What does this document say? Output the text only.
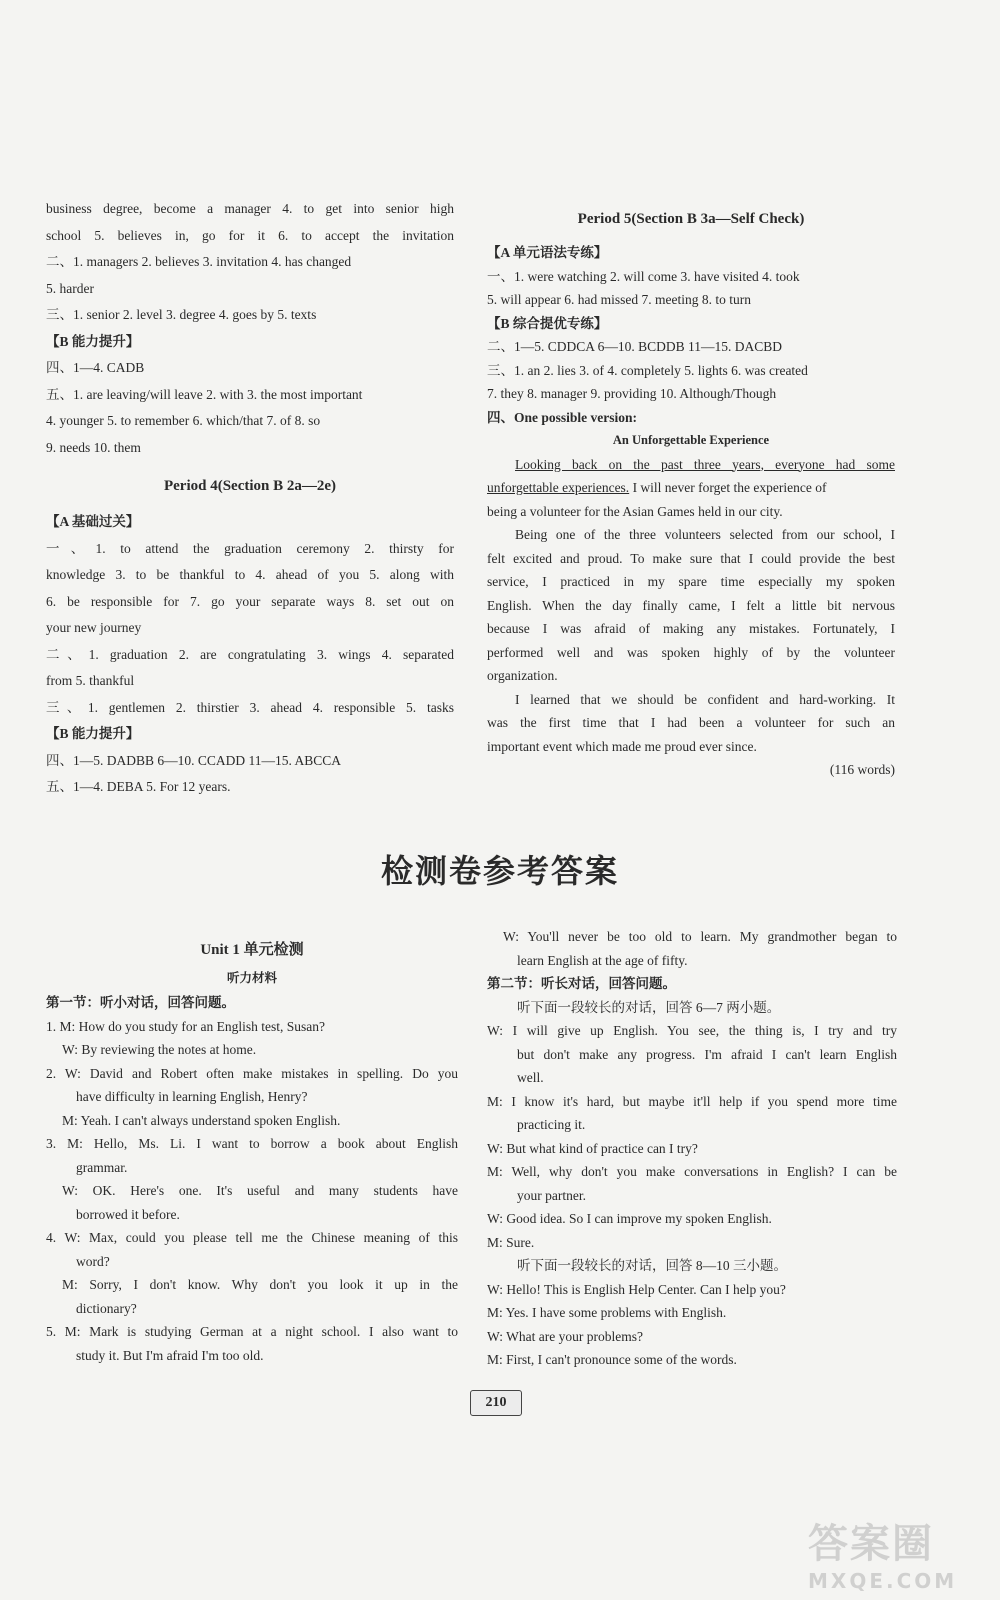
business degree, become a manager 4. to get into senior high
school 5. believes in, go for it 6. to accept the invitation
二、1. managers 2. believes 3. invitation 4. has changed
5. harder
三、1. senior 2. level 3. degree 4. goes by 5. texts
【B 能力提升】
四、1—4. CADB
五、1. are leaving/will leave 2. with 3. the most important
4. younger 5. to remember 6. which/that 7. of 8. so
9. needs 10. them
Period 4(Section B 2a—2e)
【A 基础过关】
一、1. to attend the graduation ceremony 2. thirsty for
knowledge 3. to be thankful to 4. ahead of you 5. along with
6. be responsible for 7. go your separate ways 8. set out on
your new journey
二、1. graduation 2. are congratulating 3. wings 4. separated
from 5. thankful
三、1. gentlemen 2. thirstier 3. ahead 4. responsible 5. tasks
【B 能力提升】
四、1—5. DADBB 6—10. CCADD 11—15. ABCCA
五、1—4. DEBA 5. For 12 years.
Period 5(Section B 3a—Self Check)
【A 单元语法专练】
一、1. were watching 2. will come 3. have visited 4. took
5. will appear 6. had missed 7. meeting 8. to turn
【B 综合提优专练】
二、1—5. CDDCA 6—10. BCDDB 11—15. DACBD
三、1. an 2. lies 3. of 4. completely 5. lights 6. was created
7. they 8. manager 9. providing 10. Although/Though
四、One possible version:
An Unforgettable Experience
Looking back on the past three years, everyone had some
unforgettable experiences. I will never forget the experience of
being a volunteer for the Asian Games held in our city.
Being one of the three volunteers selected from our school, I
felt excited and proud. To make sure that I could provide the best
service, I practiced in my spare time especially my spoken
English. When the day finally came, I felt a little bit nervous
because I was afraid of making any mistakes. Fortunately, I
performed well and was spoken highly of by the volunteer
organization.
I learned that we should be confident and hard-working. It
was the first time that I had been a volunteer for such an
important event which made me proud ever since.
(116 words)
检测卷参考答案
Unit 1 单元检测
听力材料
第一节：听小对话，回答问题。
1. M: How do you study for an English test, Susan?
W: By reviewing the notes at home.
2. W: David and Robert often make mistakes in spelling. Do you
have difficulty in learning English, Henry?
M: Yeah. I can't always understand spoken English.
3. M: Hello, Ms. Li. I want to borrow a book about English
grammar.
W: OK. Here's one. It's useful and many students have
borrowed it before.
4. W: Max, could you please tell me the Chinese meaning of this
word?
M: Sorry, I don't know. Why don't you look it up in the
dictionary?
5. M: Mark is studying German at a night school. I also want to
study it. But I'm afraid I'm too old.
W: You'll never be too old to learn. My grandmother began to
learn English at the age of fifty.
第二节：听长对话，回答问题。
听下面一段较长的对话，回答 6—7 两小题。
W: I will give up English. You see, the thing is, I try and try
but don't make any progress. I'm afraid I can't learn English
well.
M: I know it's hard, but maybe it'll help if you spend more time
practicing it.
W: But what kind of practice can I try?
M: Well, why don't you make conversations in English? I can be
your partner.
W: Good idea. So I can improve my spoken English.
M: Sure.
听下面一段较长的对话，回答 8—10 三小题。
W: Hello! This is English Help Center. Can I help you?
M: Yes. I have some problems with English.
W: What are your problems?
M: First, I can't pronounce some of the words.
210
答案圈
MXQE.COM
